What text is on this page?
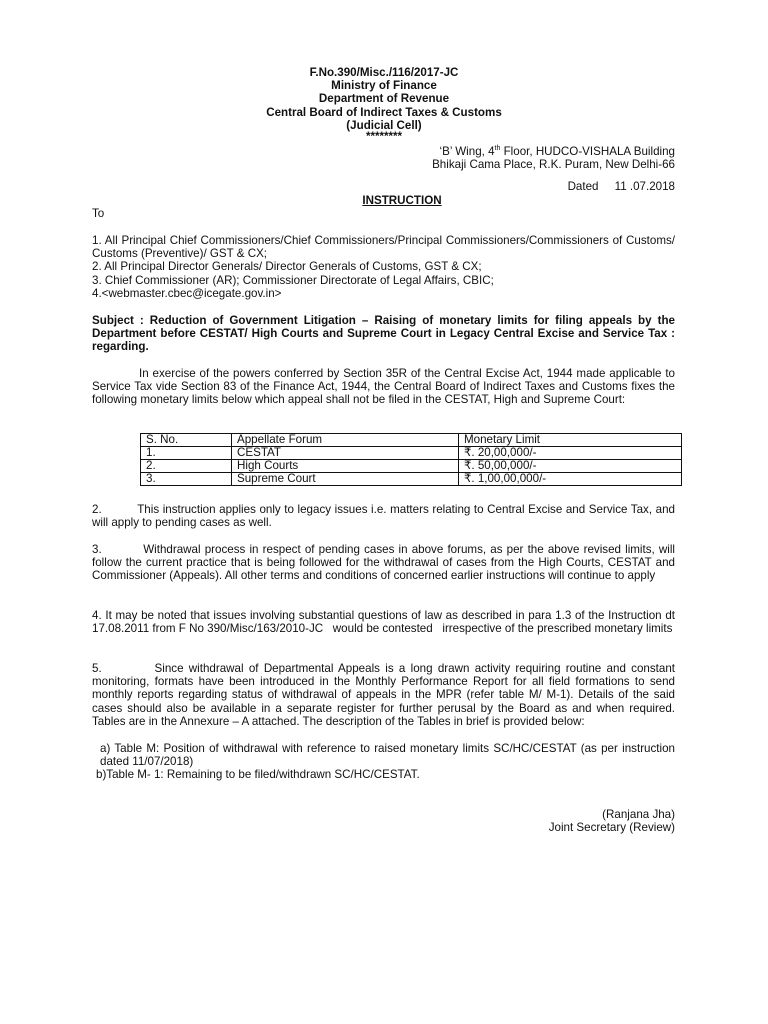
F.No.390/Misc./116/2017-JC
Ministry of Finance
Department of Revenue
Central Board of Indirect Taxes & Customs
(Judicial Cell)
********
‘B’ Wing, 4th Floor, HUDCO-VISHALA Building
Bhikaji Cama Place, R.K. Puram, New Delhi-66
Dated     11 .07.2018
INSTRUCTION
To
1. All Principal Chief Commissioners/Chief Commissioners/Principal Commissioners/Commissioners of Customs/ Customs (Preventive)/ GST & CX;
2. All Principal Director Generals/ Director Generals of Customs, GST & CX;
3. Chief Commissioner (AR); Commissioner Directorate of Legal Affairs, CBIC;
4.<webmaster.cbec@icegate.gov.in>
Subject : Reduction of Government Litigation – Raising of monetary limits for filing appeals by the Department before CESTAT/ High Courts and Supreme Court in Legacy Central Excise and Service Tax : regarding.
In exercise of the powers conferred by Section 35R of the Central Excise Act, 1944 made applicable to Service Tax vide Section 83 of the Finance Act, 1944, the Central Board of Indirect Taxes and Customs fixes the following monetary limits below which appeal shall not be filed in the CESTAT, High and Supreme Court:
S. No.	Appellate Forum	Monetary Limit
1.	CESTAT	₹. 20,00,000/-
2.	High Courts	₹. 50,00,000/-
3.	Supreme Court	₹. 1,00,00,000/-
2.          This instruction applies only to legacy issues i.e. matters relating to Central Excise and Service Tax, and will apply to pending cases as well.
3.          Withdrawal process in respect of pending cases in above forums, as per the above revised limits, will follow the current practice that is being followed for the withdrawal of cases from the High Courts, CESTAT and Commissioner (Appeals). All other terms and conditions of concerned earlier instructions will continue to apply
4. It may be noted that issues involving substantial questions of law as described in para 1.3 of the Instruction dt 17.08.2011 from F No 390/Misc/163/2010-JC   would be contested   irrespective of the prescribed monetary limits
5.          Since withdrawal of Departmental Appeals is a long drawn activity requiring routine and constant monitoring, formats have been introduced in the Monthly Performance Report for all field formations to send monthly reports regarding status of withdrawal of appeals in the MPR (refer table M/ M-1). Details of the said cases should also be available in a separate register for further perusal by the Board as and when required. Tables are in the Annexure – A attached. The description of the Tables in brief is provided below:
a) Table M: Position of withdrawal with reference to raised monetary limits SC/HC/CESTAT (as per instruction dated 11/07/2018)
b)Table M- 1: Remaining to be filed/withdrawn SC/HC/CESTAT.
(Ranjana Jha)
Joint Secretary (Review)
